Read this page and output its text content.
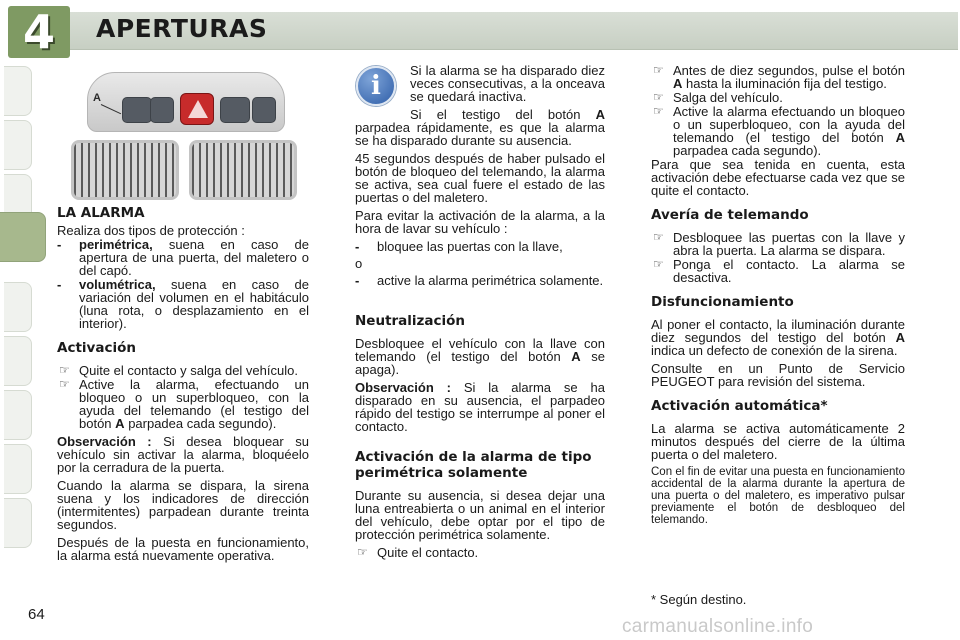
4	APERTURAS
64
A
LA ALARMA

Realiza dos tipos de protección :

- perimétrica, suena en caso de apertura de una puerta, del maletero o del capó.
- volumétrica, suena en caso de variación del volumen en el habitáculo (luna rota, o desplazamiento en el interior).
Activación
☞ Quite el contacto y salga del vehículo.
☞ Active la alarma, efectuando un bloqueo o un superbloqueo, con la ayuda del telemando (el testigo del botón A parpadea cada segundo).

Observación : Si desea bloquear su vehículo sin activar la alarma, bloquéelo por la cerradura de la puerta.

Cuando la alarma se dispara, la sirena suena y los indicadores de dirección (intermitentes) parpadean durante treinta segundos.

Después de la puesta en funcionamiento, la alarma está nuevamente operativa.

i

Si la alarma se ha disparado diez veces consecutivas, a la onceava se quedará inactiva.

Si el testigo del botón A parpadea rápidamente, es que la alarma se ha disparado durante su ausencia.

45 segundos después de haber pulsado el botón de bloqueo del telemando, la alarma se activa, sea cual fuere el estado de las puertas o del maletero.

Para evitar la activación de la alarma, a la hora de lavar su vehículo :

- bloquee las puertas con la llave,

o

- active la alarma perimétrica solamente.
Neutralización

Desbloquee el vehículo con la llave con telemando (el testigo del botón A se apaga).

Observación : Si la alarma se ha disparado en su ausencia, el parpadeo rápido del testigo se interrumpe al poner el contacto.

Activación de la alarma de tipo perimétrica solamente

Durante su ausencia, si desea dejar una luna entreabierta o un animal en el interior del vehículo, debe optar por el tipo de protección perimétrica solamente.

☞ Quite el contacto.
☞ Antes de diez segundos, pulse el botón A hasta la iluminación fija del testigo.
☞ Salga del vehículo.
☞ Active la alarma efectuando un bloqueo o un superbloqueo, con la ayuda del telemando (el testigo del botón A parpadea cada segundo).

Para que sea tenida en cuenta, esta activación debe efectuarse cada vez que se quite el contacto.

Avería de telemando
☞ Desbloquee las puertas con la llave y abra la puerta. La alarma se dispara.
☞ Ponga el contacto. La alarma se desactiva.
Disfuncionamiento

Al poner el contacto, la iluminación durante diez segundos del testigo del botón A indica un defecto de conexión de la sirena.

Consulte en un Punto de Servicio PEUGEOT para revisión del sistema.

Activación automática*

La alarma se activa automáticamente 2 minutos después del cierre de la última puerta o del maletero.

Con el fin de evitar una puesta en funcionamiento accidental de la alarma durante la apertura de una puerta o del maletero, es imperativo pulsar previamente el botón de desbloqueo del telemando.

* Según destino.
carmanualsonline.info
